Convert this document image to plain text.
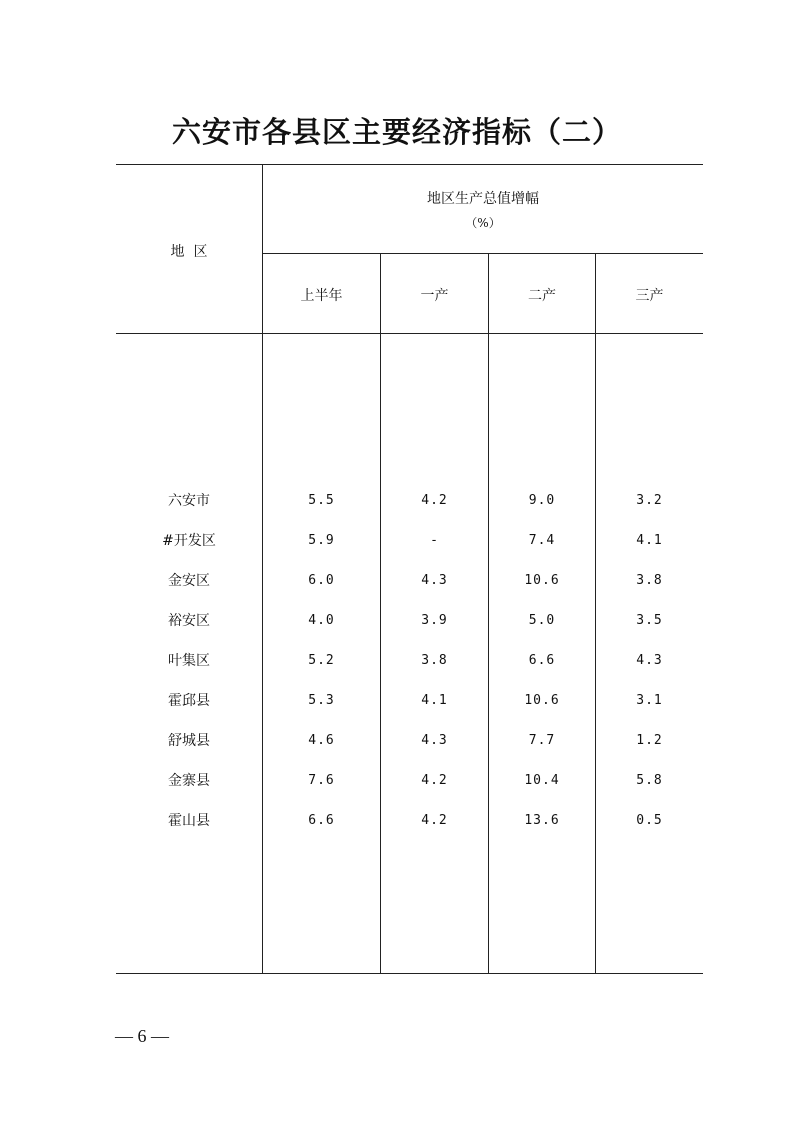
六安市各县区主要经济指标（二）
地  区
地区生产总值增幅
（%）
上半年	一产	二产	三产
六安市	5.5	4.2	9.0	3.2
#开发区	5.9	-	7.4	4.1
金安区	6.0	4.3	10.6	3.8
裕安区	4.0	3.9	5.0	3.5
叶集区	5.2	3.8	6.6	4.3
霍邱县	5.3	4.1	10.6	3.1
舒城县	4.6	4.3	7.7	1.2
金寨县	7.6	4.2	10.4	5.8
霍山县	6.6	4.2	13.6	0.5
— 6 —
